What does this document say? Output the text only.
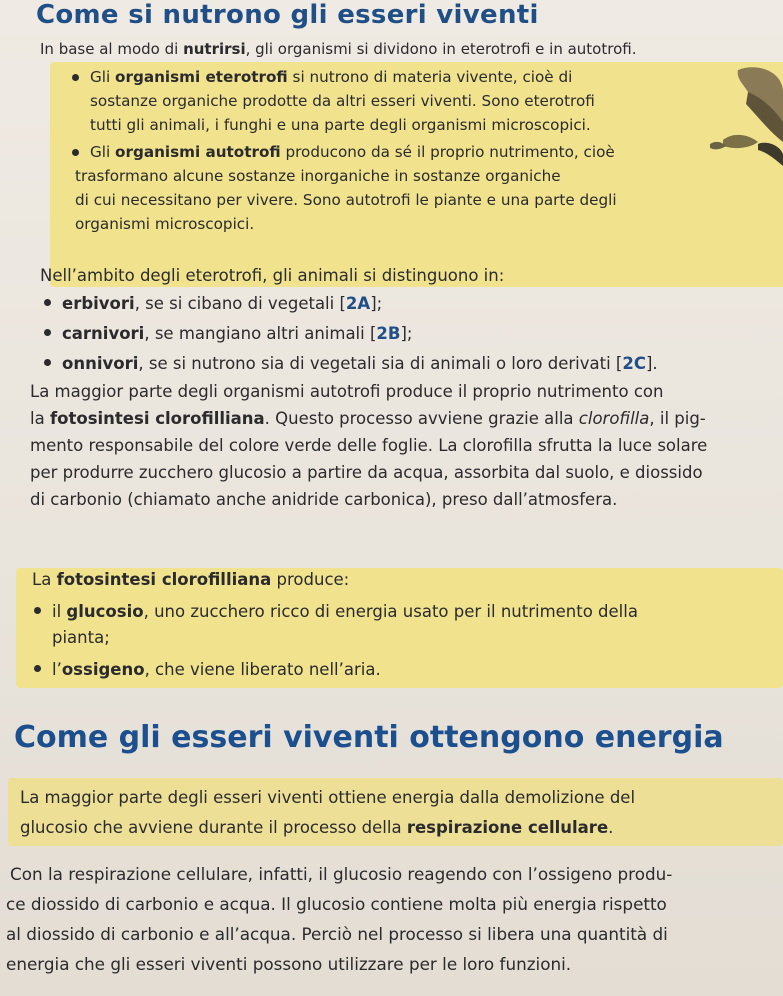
Come si nutrono gli esseri viventi
In base al modo di nutrirsi, gli organismi si dividono in eterotrofi e in autotrofi.
Gli organismi eterotrofi si nutrono di materia vivente, cioè di
sostanze organiche prodotte da altri esseri viventi. Sono eterotrofi
tutti gli animali, i funghi e una parte degli organismi microscopici.
Gli organismi autotrofi producono da sé il proprio nutrimento, cioè
trasformano alcune sostanze inorganiche in sostanze organiche
di cui necessitano per vivere. Sono autotrofi le piante e una parte degli
organismi microscopici.
Nell’ambito degli eterotrofi, gli animali si distinguono in:
erbivori, se si cibano di vegetali [2A];
carnivori, se mangiano altri animali [2B];
onnivori, se si nutrono sia di vegetali sia di animali o loro derivati [2C].
La maggior parte degli organismi autotrofi produce il proprio nutrimento con
la fotosintesi clorofilliana. Questo processo avviene grazie alla clorofilla, il pig-
mento responsabile del colore verde delle foglie. La clorofilla sfrutta la luce solare
per produrre zucchero glucosio a partire da acqua, assorbita dal suolo, e diossido
di carbonio (chiamato anche anidride carbonica), preso dall’atmosfera.
La fotosintesi clorofilliana produce:
il glucosio, uno zucchero ricco di energia usato per il nutrimento della
pianta;
l’ossigeno, che viene liberato nell’aria.
Come gli esseri viventi ottengono energia
La maggior parte degli esseri viventi ottiene energia dalla demolizione del
glucosio che avviene durante il processo della respirazione cellulare.
Con la respirazione cellulare, infatti, il glucosio reagendo con l’ossigeno produ-
ce diossido di carbonio e acqua. Il glucosio contiene molta più energia rispetto
al diossido di carbonio e all’acqua. Perciò nel processo si libera una quantità di
energia che gli esseri viventi possono utilizzare per le loro funzioni.
